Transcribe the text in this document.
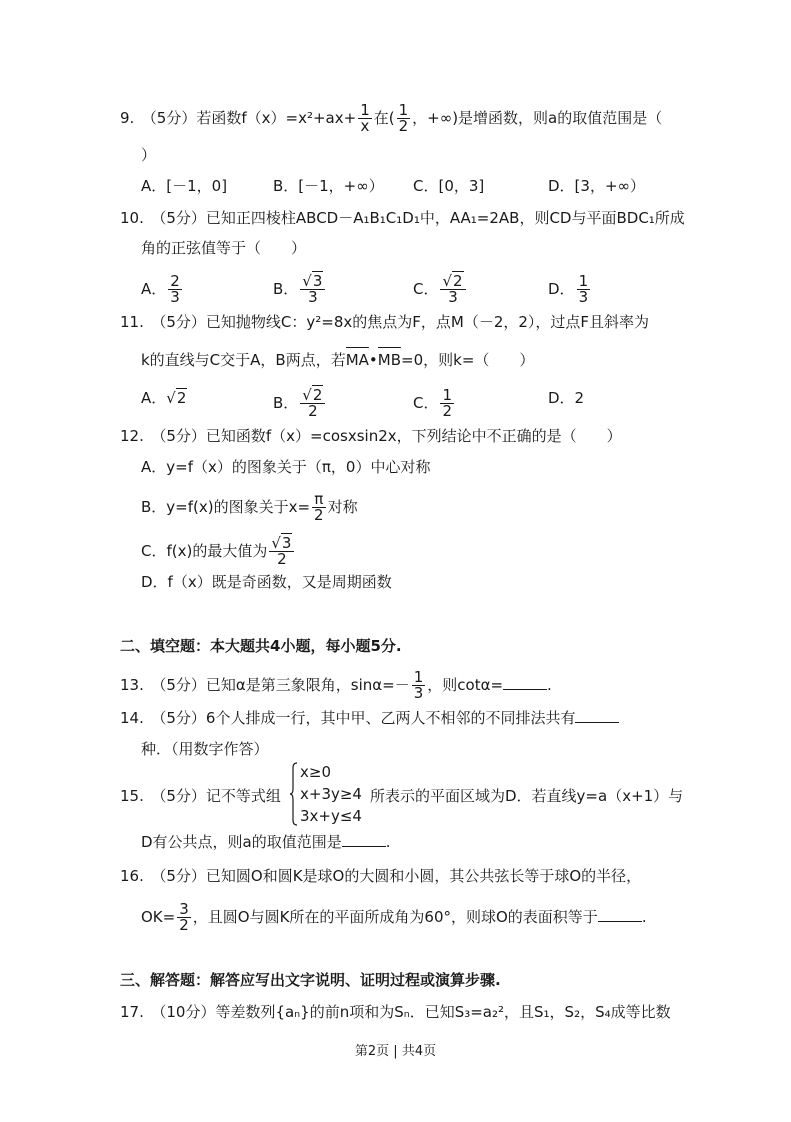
9.　（5分）若函数$f(x)=x^2+ax+ \frac{1}{x}$ 在( $\frac{1}{2}$ ，+∞)是增函数，则a的取值范围是（
）
A．[－1，0]	B．[－1，+∞） C．[0，3]	D．[3，+∞）
10.　（5分）已知正四棱柱ABCD－A₁B₁C₁D₁中，AA₁=2AB，则CD与平面BDC₁所成
角的正弦值等于（　　）
A． $\frac{2}{3}$	B． $\frac{√3}{3}$	C． $\frac{√2}{3}$	D． $\frac{1}{3}$
11.　（5分）已知抛物线C：y²=8x的焦点为F，点M（－2，2），过点F且斜率为
k的直线与C交于A，B两点，若MA•MB=0，则k=（　　）
A．√2	B． $\frac{√2}{2}$	C． $\frac{1}{2}$	D．2
12.　（5分）已知函数f（x）=cosxsin2x，下列结论中不正确的是（　　）
A．y=f（x）的图象关于（π，0）中心对称
B．y=f(x)的图象关于$x= \frac{\pi}{2}$ 对称
C．f(x)的最大值为 $\frac{√3}{2}$
D．f（x）既是奇函数，又是周期函数
二、填空题：本大题共4小题，每小题5分.
13.　（5分）已知α是第三象限角，$\sin\alpha=- \frac{1}{3}$ ，则cotα=	.
14.　（5分）6个人排成一行，其中甲、乙两人不相邻的不同排法共有
种．（用数字作答）
15.　（5分）记不等式组
x≥0
x+3y≥4
3x+y≤4
所表示的平面区域为D．若直线y=a（x+1）与
D有公共点，则a的取值范围是	.
16.　（5分）已知圆O和圆K是球O的大圆和小圆，其公共弦长等于球O的半径，
$OK= \frac{3}{2}$ ，且圆O与圆K所在的平面所成角为60°，则球O的表面积等于	.
三、解答题：解答应写出文字说明、证明过程或演算步骤.
17.　（10分）等差数列{aₙ}的前n项和为Sₙ．已知S₃=a₂²，且S₁，S₂，S₄成等比数
第2页 | 共4页
